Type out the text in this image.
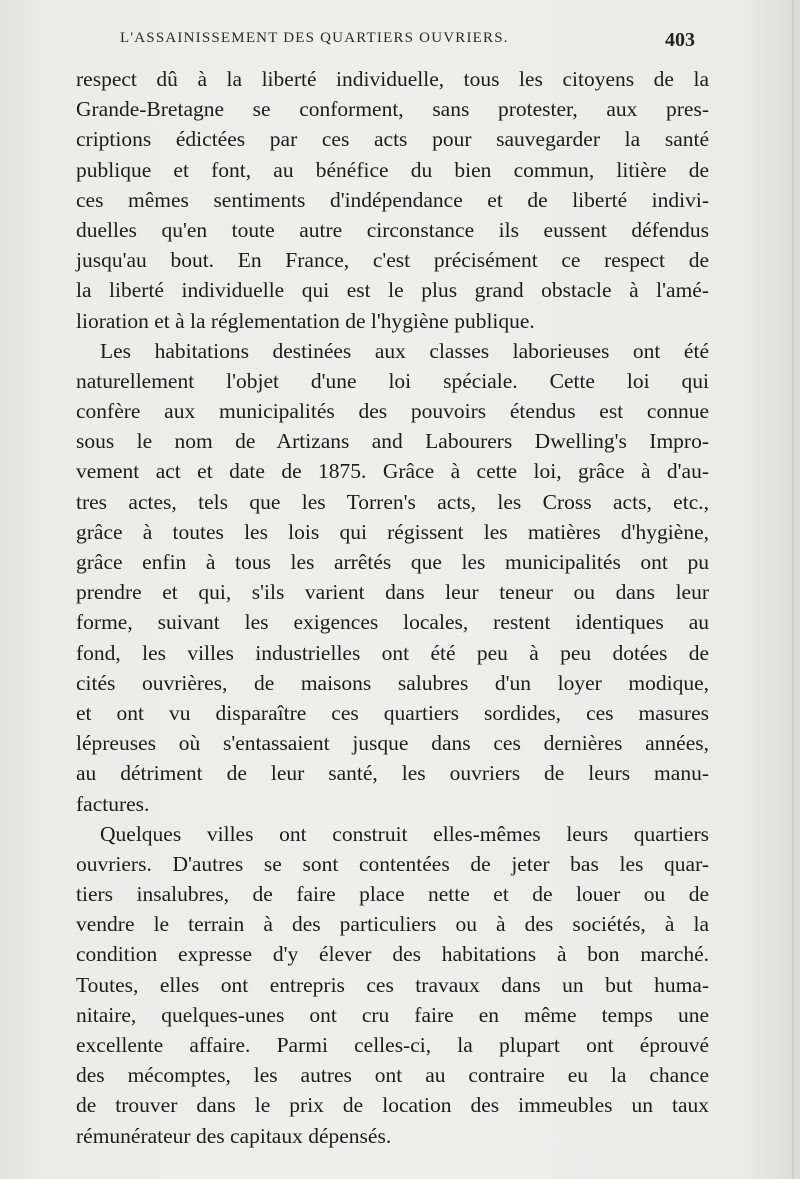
L'ASSAINISSEMENT DES QUARTIERS OUVRIERS.	403
respect dû à la liberté individuelle, tous les citoyens de la
Grande-Bretagne se conforment, sans protester, aux pres-
criptions édictées par ces acts pour sauvegarder la santé
publique et font, au bénéfice du bien commun, litière de
ces mêmes sentiments d'indépendance et de liberté indivi-
duelles qu'en toute autre circonstance ils eussent défendus
jusqu'au bout. En France, c'est précisément ce respect de
la liberté individuelle qui est le plus grand obstacle à l'amé-
lioration et à la réglementation de l'hygiène publique.
Les habitations destinées aux classes laborieuses ont été
naturellement l'objet d'une loi spéciale. Cette loi qui
confère aux municipalités des pouvoirs étendus est connue
sous le nom de Artizans and Labourers Dwelling's Impro-
vement act et date de 1875. Grâce à cette loi, grâce à d'au-
tres actes, tels que les Torren's acts, les Cross acts, etc.,
grâce à toutes les lois qui régissent les matières d'hygiène,
grâce enfin à tous les arrêtés que les municipalités ont pu
prendre et qui, s'ils varient dans leur teneur ou dans leur
forme, suivant les exigences locales, restent identiques au
fond, les villes industrielles ont été peu à peu dotées de
cités ouvrières, de maisons salubres d'un loyer modique,
et ont vu disparaître ces quartiers sordides, ces masures
lépreuses où s'entassaient jusque dans ces dernières années,
au détriment de leur santé, les ouvriers de leurs manu-
factures.
Quelques villes ont construit elles-mêmes leurs quartiers
ouvriers. D'autres se sont contentées de jeter bas les quar-
tiers insalubres, de faire place nette et de louer ou de
vendre le terrain à des particuliers ou à des sociétés, à la
condition expresse d'y élever des habitations à bon marché.
Toutes, elles ont entrepris ces travaux dans un but huma-
nitaire, quelques-unes ont cru faire en même temps une
excellente affaire. Parmi celles-ci, la plupart ont éprouvé
des mécomptes, les autres ont au contraire eu la chance
de trouver dans le prix de location des immeubles un taux
rémunérateur des capitaux dépensés.
